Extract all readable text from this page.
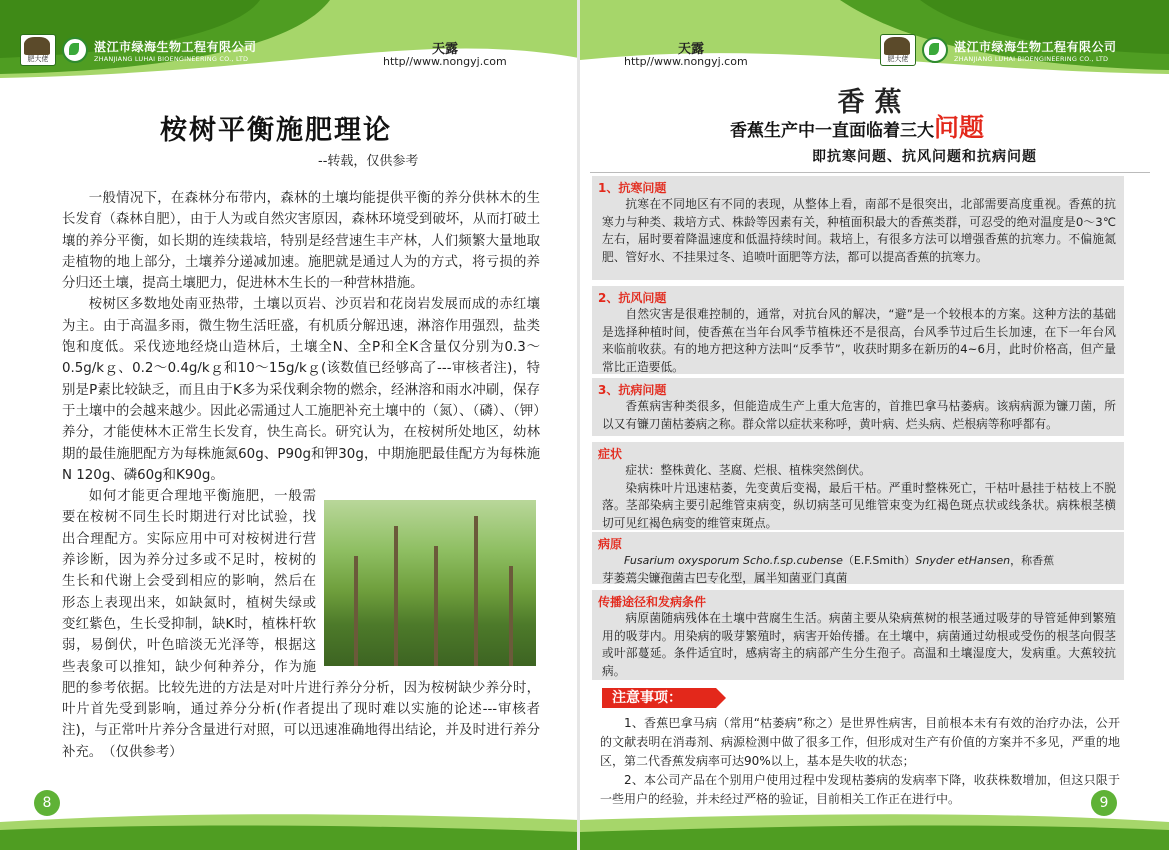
肥大佬
湛江市绿海生物工程有限公司
ZHANJIANG LUHAI BIOENGINEERING CO., LTD
天露
http//www.nongyj.com
桉树平衡施肥理论
--转载，仅供参考

一般情况下，在森林分布带内，森林的土壤均能提供平衡的养分供林木的生长发育（森林自肥），由于人为或自然灾害原因，森林环境受到破坏，从而打破土壤的养分平衡，如长期的连续栽培，特别是经营速生丰产林，人们频繁大量地取走植物的地上部分，土壤养分递减加速。施肥就是通过人为的方式，将亏损的养分归还土壤，提高土壤肥力，促进林木生长的一种营林措施。

桉树区多数地处南亚热带，土壤以页岩、沙页岩和花岗岩发展而成的赤红壤为主。由于高温多雨，微生物生活旺盛，有机质分解迅速，淋溶作用强烈，盐类饱和度低。采伐迹地经烧山造林后，土壤全N、全P和全K含量仅分别为0.3～0.5g/kｇ、0.2～0.4g/kｇ和10～15g/kｇ(该数值已经够高了---审核者注)，特别是P素比较缺乏，而且由于K多为采伐剩余物的燃余，经淋溶和雨水冲刷，保存于土壤中的会越来越少。因此必需通过人工施肥补充土壤中的（氮）、（磷）、（钾）养分，才能使林木正常生长发育，快生高长。研究认为，在桉树所处地区，幼林期的最佳施肥配方为每株施氮60g、P90g和钾30g，中期施肥最佳配方为每株施N 120g、磷60g和K90g。

如何才能更合理地平衡施肥，一般需要在桉树不同生长时期进行对比试验，找出合理配方。实际应用中可对桉树进行营养诊断，因为养分过多或不足时，桉树的生长和代谢上会受到相应的影响，然后在形态上表现出来，如缺氮时，植树失绿或变红紫色，生长受抑制，缺K时，植株杆软弱，易倒伏，叶色暗淡无光泽等，根据这些表象可以推知，缺少何种养分，作为施肥的参考依据。比较先进的方法是对叶片进行养分分析，因为桉树缺少养分时，叶片首先受到影响，通过养分分析(作者提出了现时难以实施的论述---审核者注)，与正常叶片养分含量进行对照，可以迅速准确地得出结论，并及时进行养分补充。　（仅供参考）

8
天露
http//www.nongyj.com	肥大佬
湛江市绿海生物工程有限公司
ZHANJIANG LUHAI BIOENGINEERING CO., LTD
香蕉
香蕉生产中一直面临着三大问题
即抗寒问题、抗风问题和抗病问题
1、抗寒问题
抗寒在不同地区有不同的表现，从整体上看，南部不是很突出，北部需要高度重视。香蕉的抗寒力与种类、栽培方式、株龄等因素有关，种植面积最大的香蕉类群，可忍受的绝对温度是0～3℃左右，届时要着降温速度和低温持续时间。栽培上，有很多方法可以增强香蕉的抗寒力。不偏施氮肥、管好水、不挂果过冬、追喷叶面肥等方法，都可以提高香蕉的抗寒力。
2、抗风问题
自然灾害是很难控制的，通常，对抗台风的解决，“避”是一个较根本的方案。这种方法的基础是选择种植时间，使香蕉在当年台风季节植株还不是很高，台风季节过后生长加速，在下一年台风来临前收获。有的地方把这种方法叫“反季节”，收获时期多在新历的4~6月，此时价格高，但产量常比正造要低。
3、抗病问题
香蕉病害种类很多，但能造成生产上重大危害的，首推巴拿马枯萎病。该病病源为镰刀菌，所以又有镰刀菌枯萎病之称。群众常以症状来称呼，黄叶病、烂头病、烂根病等称呼都有。
症状
症状：整株黄化、茎腐、烂根、植株突然倒伏。
染病株叶片迅速枯萎，先变黄后变褐，最后干枯。严重时整株死亡，干枯叶悬挂于枯枝上不脱落。茎部染病主要引起维管束病变，纵切病茎可见维管束变为红褐色斑点状或线条状。病株根茎横切可见红褐色病变的维管束斑点。
病原
Fusarium oxysporum Scho.f.sp.cubense（E.F.Smith）Snyder etHansen，称香蕉
芽萎蔫尖镰孢菌古巴专化型，属半知菌亚门真菌
传播途径和发病条件
病原菌随病残体在土壤中营腐生生活。病菌主要从染病蕉树的根茎通过吸芽的导管延伸到繁殖用的吸芽内。用染病的吸芽繁殖时，病害开始传播。在土壤中，病菌通过幼根或受伤的根茎向假茎或叶部蔓延。条件适宜时，感病寄主的病部产生分生孢子。高温和土壤湿度大，发病重。大蕉较抗病。
注意事项：

1、香蕉巴拿马病（常用“枯萎病”称之）是世界性病害，目前根本未有有效的治疗办法，公开的文献表明在消毒剂、病源检测中做了很多工作，但形成对生产有价值的方案并不多见，严重的地区，第二代香蕉发病率可达90%以上，基本是失收的状态；

2、本公司产品在个别用户使用过程中发现枯萎病的发病率下降，收获株数增加，但这只限于一些用户的经验，并未经过严格的验证，目前相关工作正在进行中。	9
